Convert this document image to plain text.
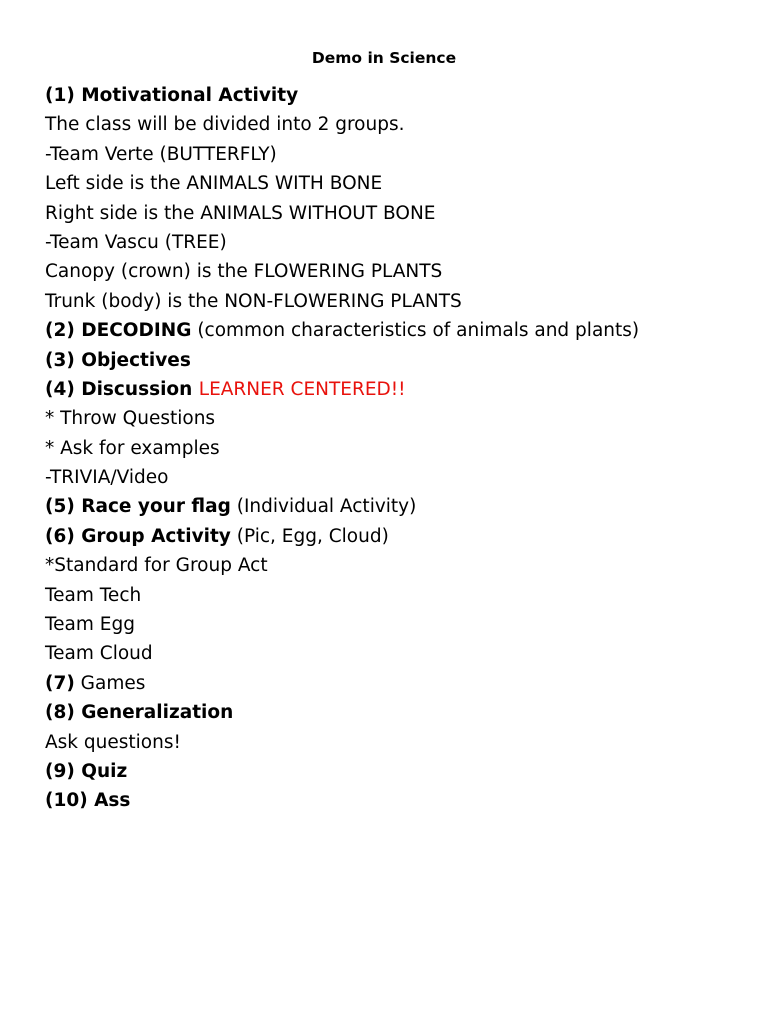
Demo in Science
(1) Motivational Activity
The class will be divided into 2 groups.
-Team Verte (BUTTERFLY)
Left side is the ANIMALS WITH BONE
Right side is the ANIMALS WITHOUT BONE
-Team Vascu (TREE)
Canopy (crown) is the FLOWERING PLANTS
Trunk (body) is the NON-FLOWERING PLANTS
(2) DECODING (common characteristics of animals and plants)
(3) Objectives
(4) Discussion LEARNER CENTERED!!
* Throw Questions
* Ask for examples
-TRIVIA/Video
(5) Race your flag (Individual Activity)
(6) Group Activity (Pic, Egg, Cloud)
*Standard for Group Act
Team Tech
Team Egg
Team Cloud
(7) Games
(8) Generalization
Ask questions!
(9) Quiz
(10) Ass
